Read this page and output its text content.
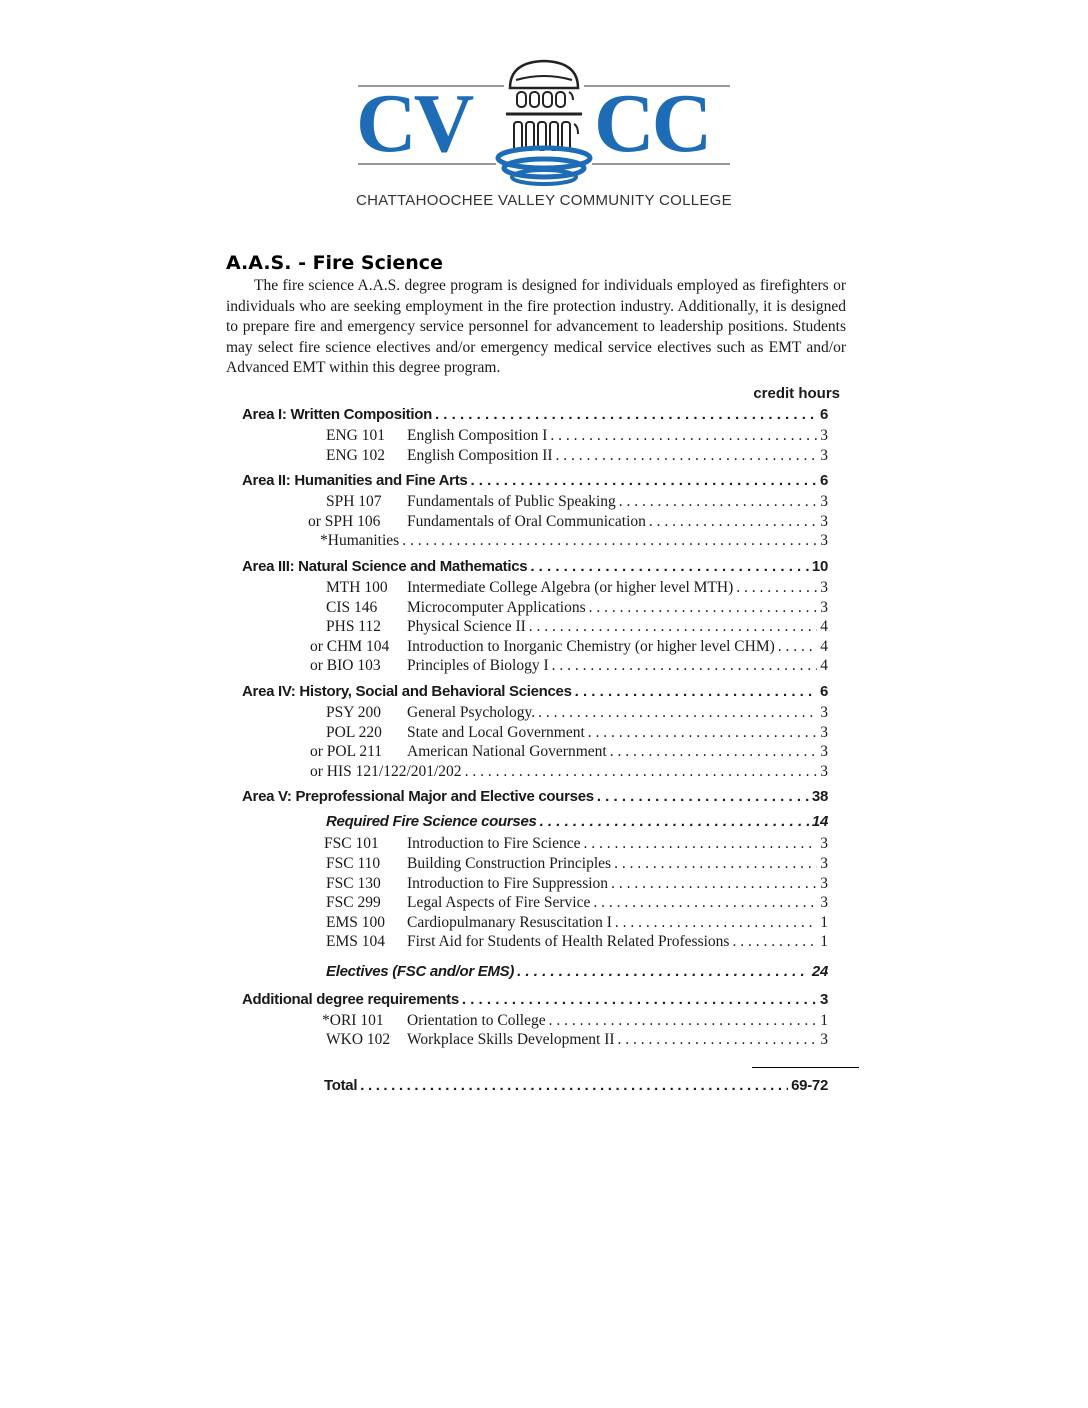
CV CC
CHATTAHOOCHEE VALLEY COMMUNITY COLLEGE
A.A.S. - Fire Science
The fire science A.A.S. degree program is designed for individuals employed as firefighters or individuals who are seeking employment in the fire protection industry. Additionally, it is designed to prepare fire and emergency service personnel for advancement to leadership positions. Students may select fire science electives and/or emergency medical service electives such as EMT and/or Advanced EMT within this degree program.
credit hours
Area I: Written Composition . . .	6
ENG 101	English Composition I . . .	3
ENG 102	English Composition II . . .	3
Area II: Humanities and Fine Arts . . .	6
SPH 107	Fundamentals of Public Speaking . . .	3
or SPH 106	Fundamentals of Oral Communication . . .	3
*Humanities . . .	3
Area III: Natural Science and Mathematics . . .	10
MTH 100	Intermediate College Algebra (or higher level MTH) . . .	3
CIS 146	Microcomputer Applications . . .	3
PHS 112	Physical Science II . . .	4
or CHM 104	Introduction to Inorganic Chemistry (or higher level CHM) . . .	4
or BIO 103	Principles of Biology I . . .	4
Area IV: History, Social and Behavioral Sciences . . .	6
PSY 200	General Psychology. . . .	3
POL 220	State and Local Government . . .	3
or POL 211	American National Government . . .	3
or HIS 121/122/201/202 . . .	3
Area V: Preprofessional Major and Elective courses . . .	38
Required Fire Science courses . . .	14
FSC 101	Introduction to Fire Science . . .	3
FSC 110	Building Construction Principles . . .	3
FSC 130	Introduction to Fire Suppression . . .	3
FSC 299	Legal Aspects of Fire Service . . .	3
EMS 100	Cardiopulmanary Resuscitation I . . .	1
EMS 104	First Aid for Students of Health Related Professions . . .	1
Electives (FSC and/or EMS) . . .	24
Additional degree requirements . . .	3
*ORI 101	Orientation to College . . .	1
WKO 102	Workplace Skills Development II . . .	3
Total . . .	69-72
